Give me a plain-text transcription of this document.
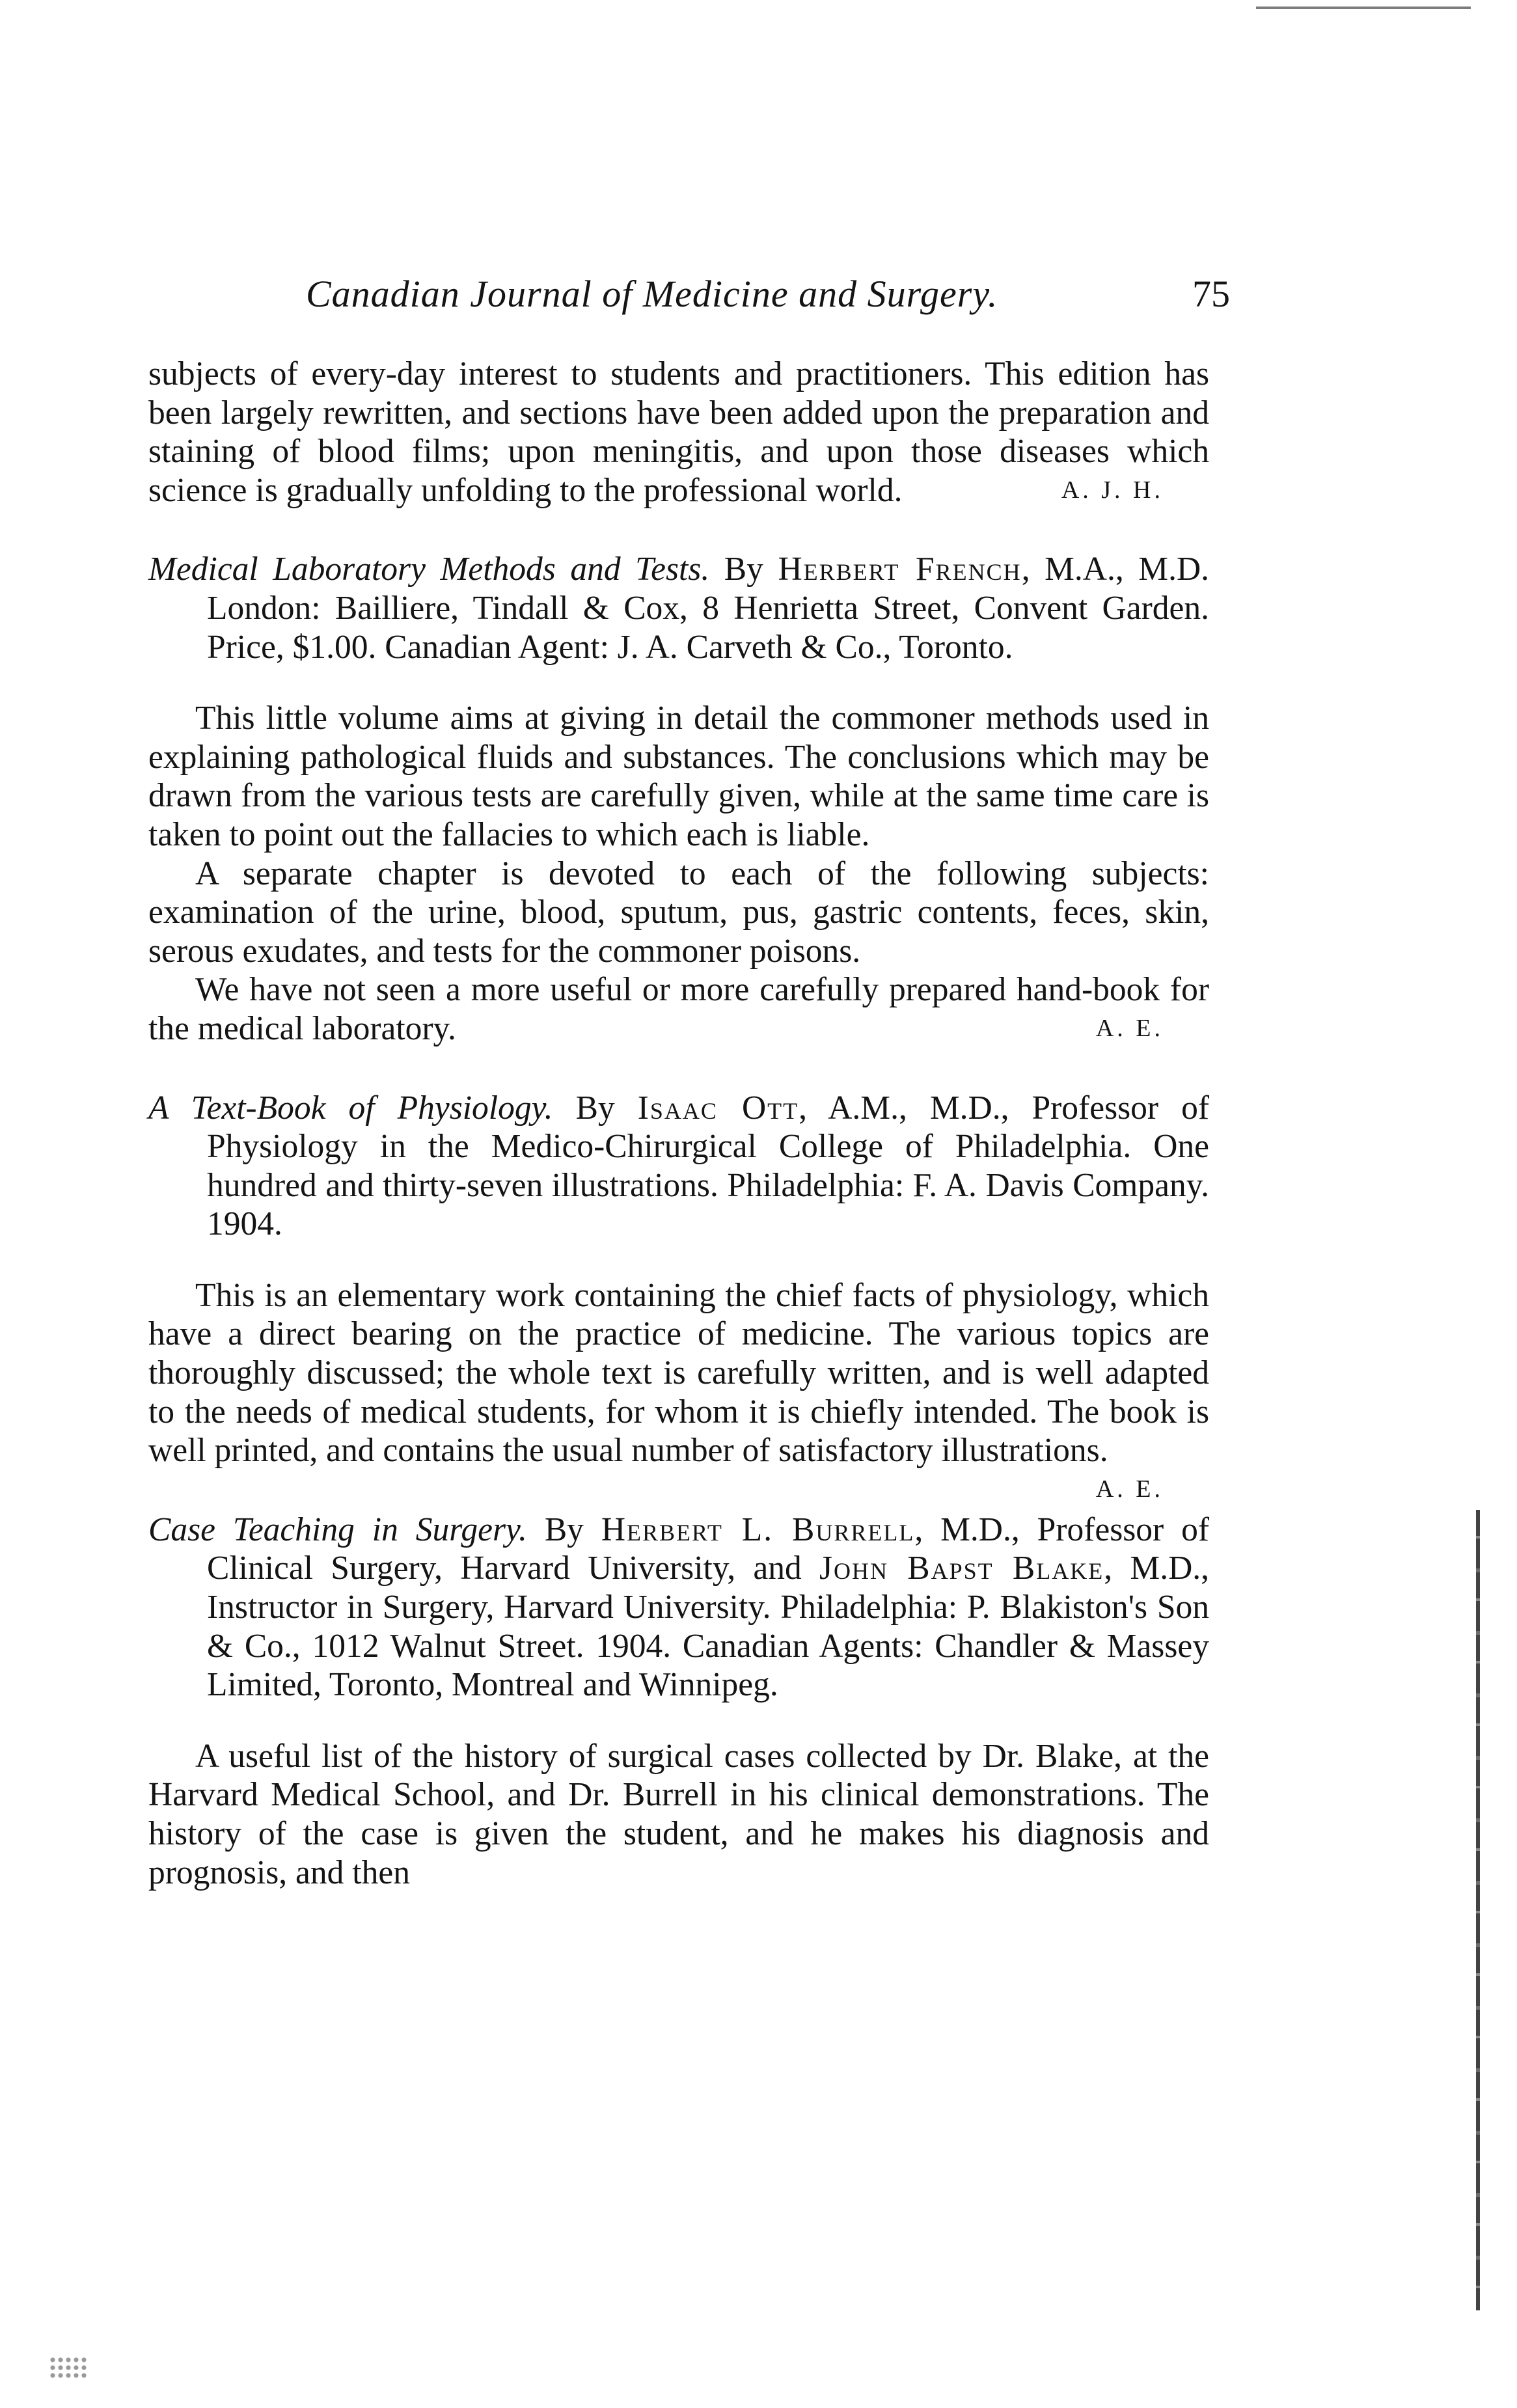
Canadian Journal of Medicine and Surgery.	75

subjects of every-day interest to students and practitioners. This edition has been largely rewritten, and sections have been added upon the preparation and staining of blood films; upon meningitis, and upon those diseases which science is gradually unfolding to the professional world.	A. J. H.

Medical Laboratory Methods and Tests. By Herbert French, M.A., M.D. London: Bailliere, Tindall & Cox, 8 Henrietta Street, Convent Garden. Price, $1.00. Canadian Agent: J. A. Carveth & Co., Toronto.

This little volume aims at giving in detail the commoner methods used in explaining pathological fluids and substances. The conclusions which may be drawn from the various tests are carefully given, while at the same time care is taken to point out the fallacies to which each is liable.

A separate chapter is devoted to each of the following subjects: examination of the urine, blood, sputum, pus, gastric contents, feces, skin, serous exudates, and tests for the commoner poisons.

We have not seen a more useful or more carefully prepared hand-book for the medical laboratory.	A. E.

A Text-Book of Physiology. By Isaac Ott, A.M., M.D., Professor of Physiology in the Medico-Chirurgical College of Philadelphia. One hundred and thirty-seven illustrations. Philadelphia: F. A. Davis Company. 1904.

This is an elementary work containing the chief facts of physiology, which have a direct bearing on the practice of medicine. The various topics are thoroughly discussed; the whole text is carefully written, and is well adapted to the needs of medical students, for whom it is chiefly intended. The book is well printed, and contains the usual number of satisfactory illustrations.
A. E.

Case Teaching in Surgery. By Herbert L. Burrell, M.D., Professor of Clinical Surgery, Harvard University, and John Bapst Blake, M.D., Instructor in Surgery, Harvard University. Philadelphia: P. Blakiston's Son & Co., 1012 Walnut Street. 1904. Canadian Agents: Chandler & Massey Limited, Toronto, Montreal and Winnipeg.

A useful list of the history of surgical cases collected by Dr. Blake, at the Harvard Medical School, and Dr. Burrell in his clinical demonstrations. The history of the case is given the student, and he makes his diagnosis and prognosis, and then
